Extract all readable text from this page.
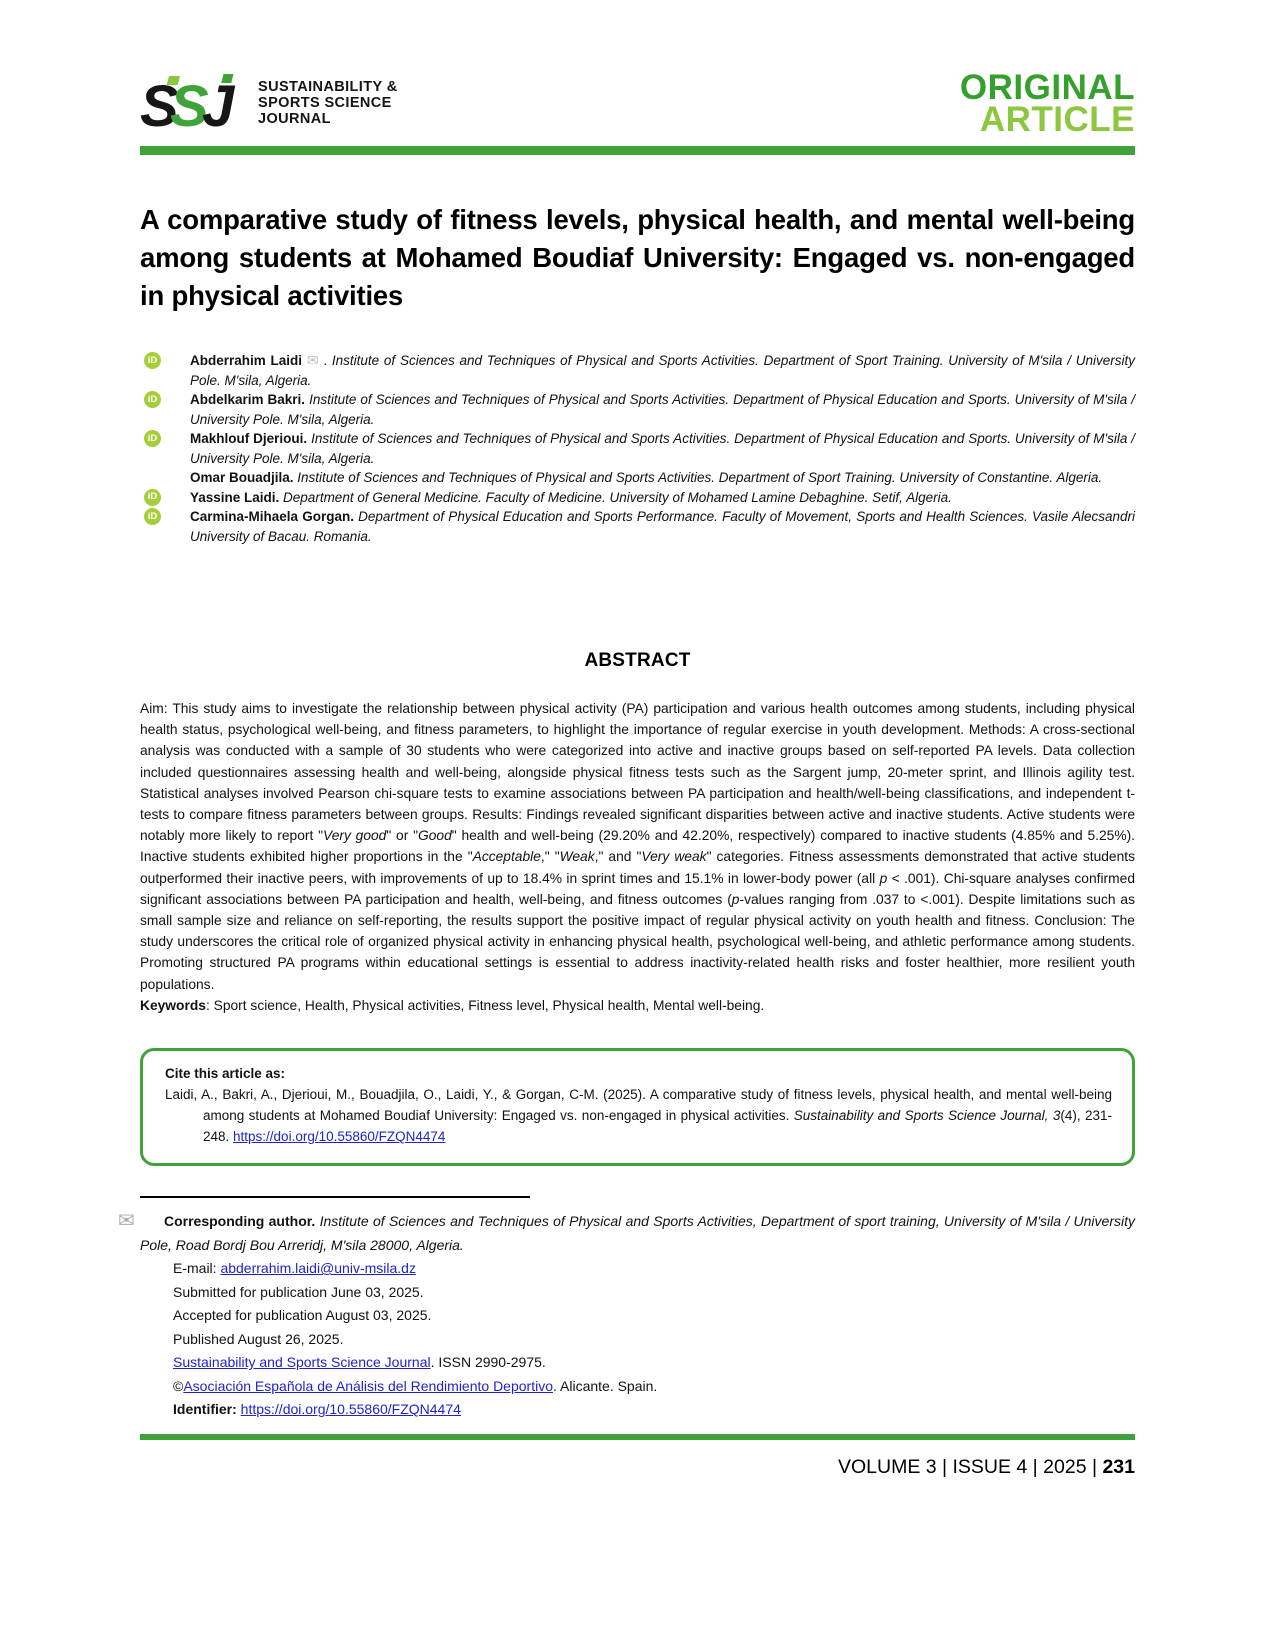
S
S J	SUSTAINABILITY &
SPORTS SCIENCE
JOURNAL
ORIGINAL
ARTICLE
A comparative study of fitness levels, physical health, and mental well-being among students at Mohamed Boudiaf University: Engaged vs. non-engaged in physical activities
iD Abderrahim Laidi ✉ . Institute of Sciences and Techniques of Physical and Sports Activities. Department of Sport Training. University of M'sila / University Pole. M'sila, Algeria.
iD Abdelkarim Bakri. Institute of Sciences and Techniques of Physical and Sports Activities. Department of Physical Education and Sports. University of M'sila / University Pole. M'sila, Algeria.
iD Makhlouf Djerioui. Institute of Sciences and Techniques of Physical and Sports Activities. Department of Physical Education and Sports. University of M'sila / University Pole. M'sila, Algeria.
Omar Bouadjila. Institute of Sciences and Techniques of Physical and Sports Activities. Department of Sport Training. University of Constantine. Algeria.
iD Yassine Laidi. Department of General Medicine. Faculty of Medicine. University of Mohamed Lamine Debaghine. Setif, Algeria.
iD Carmina-Mihaela Gorgan. Department of Physical Education and Sports Performance. Faculty of Movement, Sports and Health Sciences. Vasile Alecsandri University of Bacau. Romania.
ABSTRACT
Aim: This study aims to investigate the relationship between physical activity (PA) participation and various health outcomes among students, including physical health status, psychological well-being, and fitness parameters, to highlight the importance of regular exercise in youth development. Methods: A cross-sectional analysis was conducted with a sample of 30 students who were categorized into active and inactive groups based on self-reported PA levels. Data collection included questionnaires assessing health and well-being, alongside physical fitness tests such as the Sargent jump, 20-meter sprint, and Illinois agility test. Statistical analyses involved Pearson chi-square tests to examine associations between PA participation and health/well-being classifications, and independent t-tests to compare fitness parameters between groups. Results: Findings revealed significant disparities between active and inactive students. Active students were notably more likely to report "Very good" or "Good" health and well-being (29.20% and 42.20%, respectively) compared to inactive students (4.85% and 5.25%). Inactive students exhibited higher proportions in the "Acceptable," "Weak," and "Very weak" categories. Fitness assessments demonstrated that active students outperformed their inactive peers, with improvements of up to 18.4% in sprint times and 15.1% in lower-body power (all p < .001). Chi-square analyses confirmed significant associations between PA participation and health, well-being, and fitness outcomes (p-values ranging from .037 to <.001). Despite limitations such as small sample size and reliance on self-reporting, the results support the positive impact of regular physical activity on youth health and fitness. Conclusion: The study underscores the critical role of organized physical activity in enhancing physical health, psychological well-being, and athletic performance among students. Promoting structured PA programs within educational settings is essential to address inactivity-related health risks and foster healthier, more resilient youth populations.
Keywords: Sport science, Health, Physical activities, Fitness level, Physical health, Mental well-being.
Cite this article as:
Laidi, A., Bakri, A., Djerioui, M., Bouadjila, O., Laidi, Y., & Gorgan, C-M. (2025). A comparative study of fitness levels, physical health, and mental well-being among students at Mohamed Boudiaf University: Engaged vs. non-engaged in physical activities. Sustainability and Sports Science Journal, 3(4), 231-248. https://doi.org/10.55860/FZQN4474
✉	Corresponding author. Institute of Sciences and Techniques of Physical and Sports Activities, Department of sport training, University of M'sila / University Pole, Road Bordj Bou Arreridj, M'sila 28000, Algeria.
E-mail: abderrahim.laidi@univ-msila.dz
Submitted for publication June 03, 2025.
Accepted for publication August 03, 2025.
Published August 26, 2025.
Sustainability and Sports Science Journal. ISSN 2990-2975.
©Asociación Española de Análisis del Rendimiento Deportivo. Alicante. Spain.
Identifier: https://doi.org/10.55860/FZQN4474
VOLUME 3 | ISSUE 4 | 2025 | 231
